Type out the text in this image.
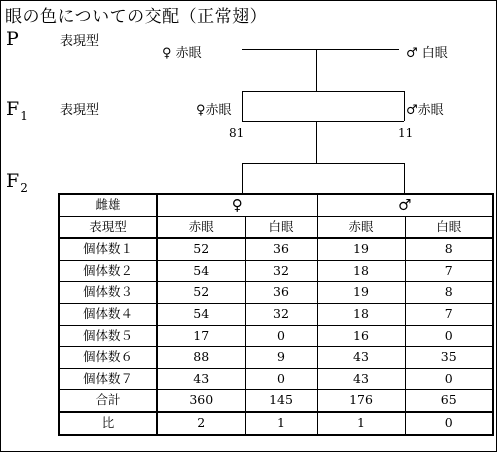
眼の色についての交配（正常翅）
P	表現型
♀ 赤眼	♂ 白眼
$F_1$ 表現型	♀赤眼	♂赤眼
81	11
$F_2$
雌雄	♀		♂	
表現型	赤眼	白眼	赤眼	白眼
個体数１	52	36	19	8
個体数２	54	32	18	7
個体数３	52	36	19	8
個体数４	54	32	18	7
個体数５	17	0	16	0
個体数６	88	9	43	35
個体数７	43	0	43	0
合計	360	145	176	65
比	2	1	1	0
